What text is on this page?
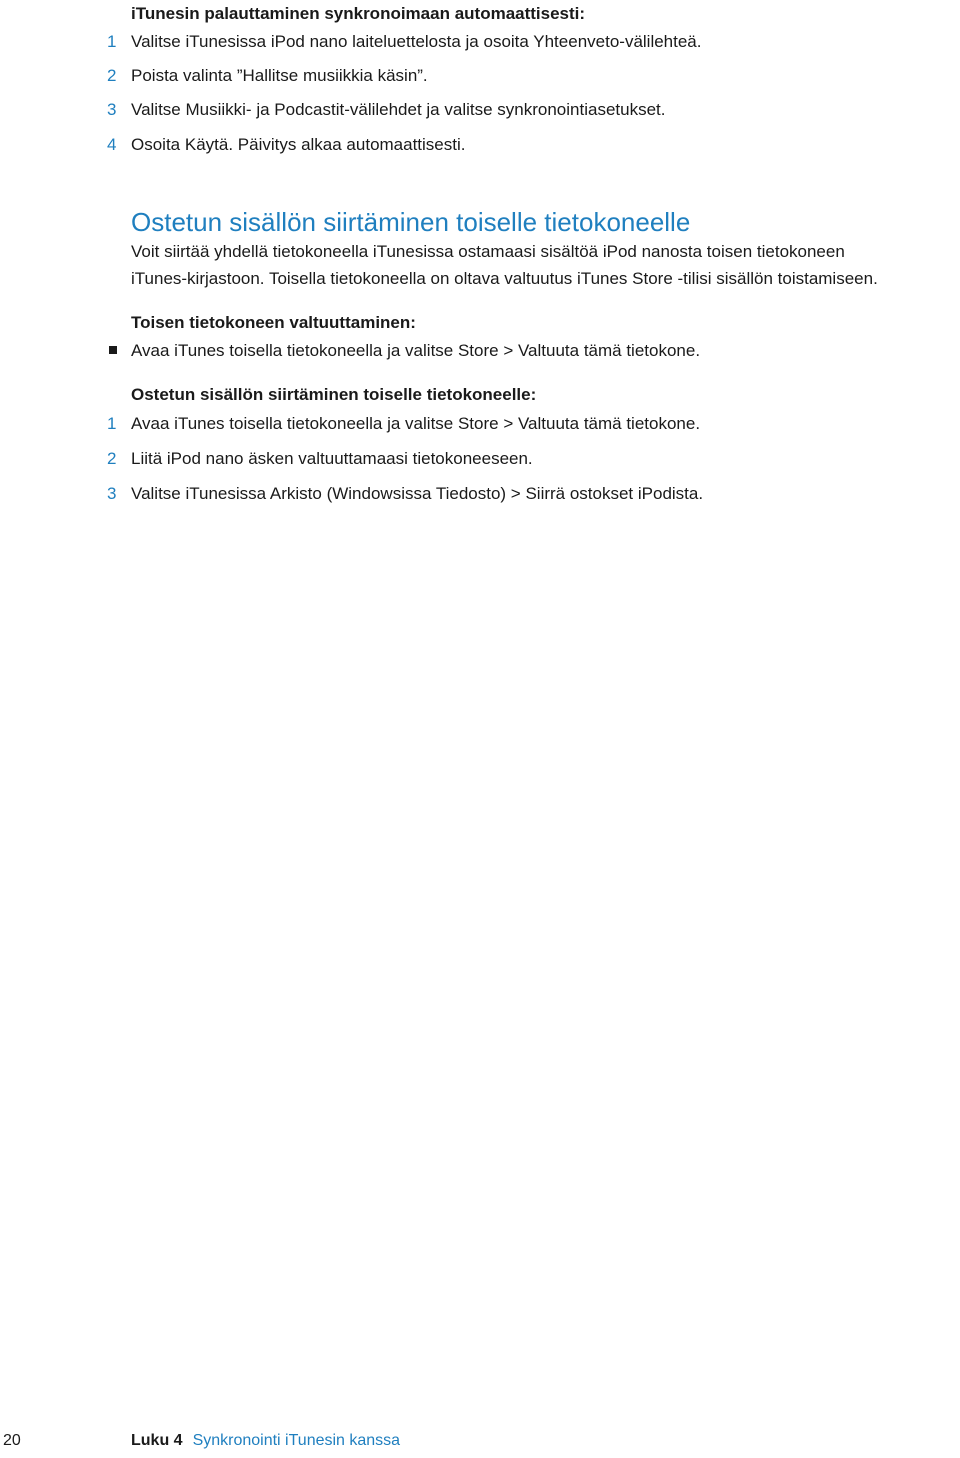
iTunesin palauttaminen synkronoimaan automaattisesti:
1 Valitse iTunesissa iPod nano laiteluettelosta ja osoita Yhteenveto-välilehteä.
2 Poista valinta ”Hallitse musiikkia käsin”.
3 Valitse Musiikki- ja Podcastit-välilehdet ja valitse synkronointiasetukset.
4 Osoita Käytä. Päivitys alkaa automaattisesti.
Ostetun sisällön siirtäminen toiselle tietokoneelle
Voit siirtää yhdellä tietokoneella iTunesissa ostamaasi sisältöä iPod nanosta toisen tietokoneen
iTunes-kirjastoon. Toisella tietokoneella on oltava valtuutus iTunes Store -tilisi sisällön toistamiseen.
Toisen tietokoneen valtuuttaminen:
Avaa iTunes toisella tietokoneella ja valitse Store > Valtuuta tämä tietokone.
Ostetun sisällön siirtäminen toiselle tietokoneelle:
1 Avaa iTunes toisella tietokoneella ja valitse Store > Valtuuta tämä tietokone.
2 Liitä iPod nano äsken valtuuttamaasi tietokoneeseen.
3 Valitse iTunesissa Arkisto (Windowsissa Tiedosto) > Siirrä ostokset iPodista.
20	Luku 4 Synkronointi iTunesin kanssa
